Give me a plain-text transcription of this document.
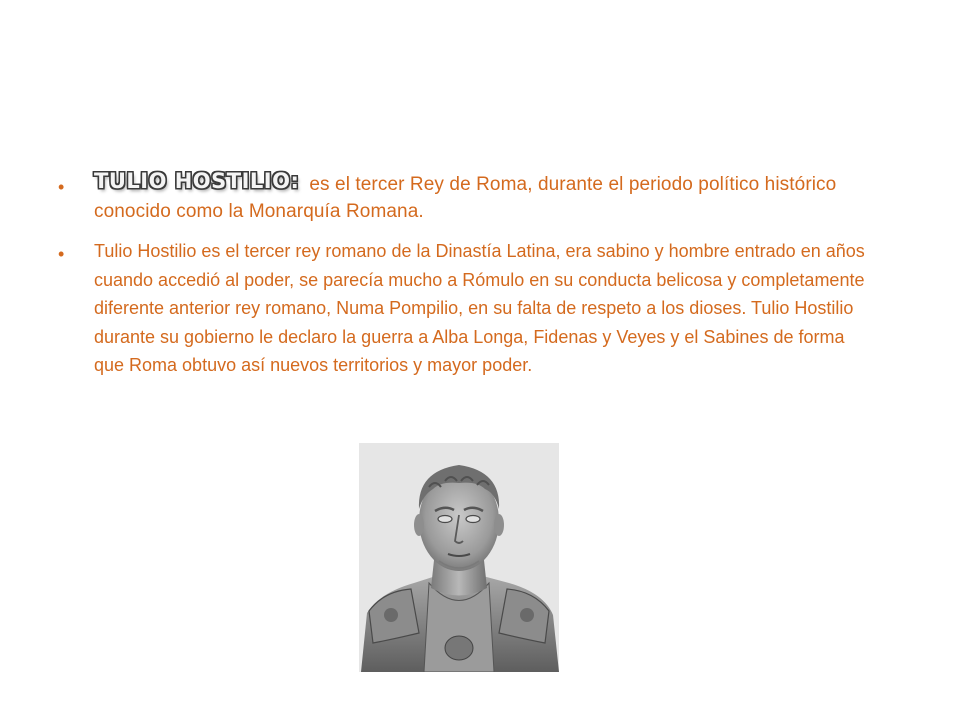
• TULIO HOSTILIO: es el tercer Rey de Roma, durante el periodo político histórico conocido como la Monarquía Romana.
• Tulio Hostilio es el tercer rey romano de la Dinastía Latina, era sabino y hombre entrado en años cuando accedió al poder, se parecía mucho a Rómulo en su conducta belicosa y completamente diferente anterior rey romano, Numa Pompilio, en su falta de respeto a los dioses. Tulio Hostilio durante su gobierno le declaro la guerra a Alba Longa, Fidenas y Veyes y el Sabines de forma que Roma obtuvo así nuevos territorios y mayor poder.
